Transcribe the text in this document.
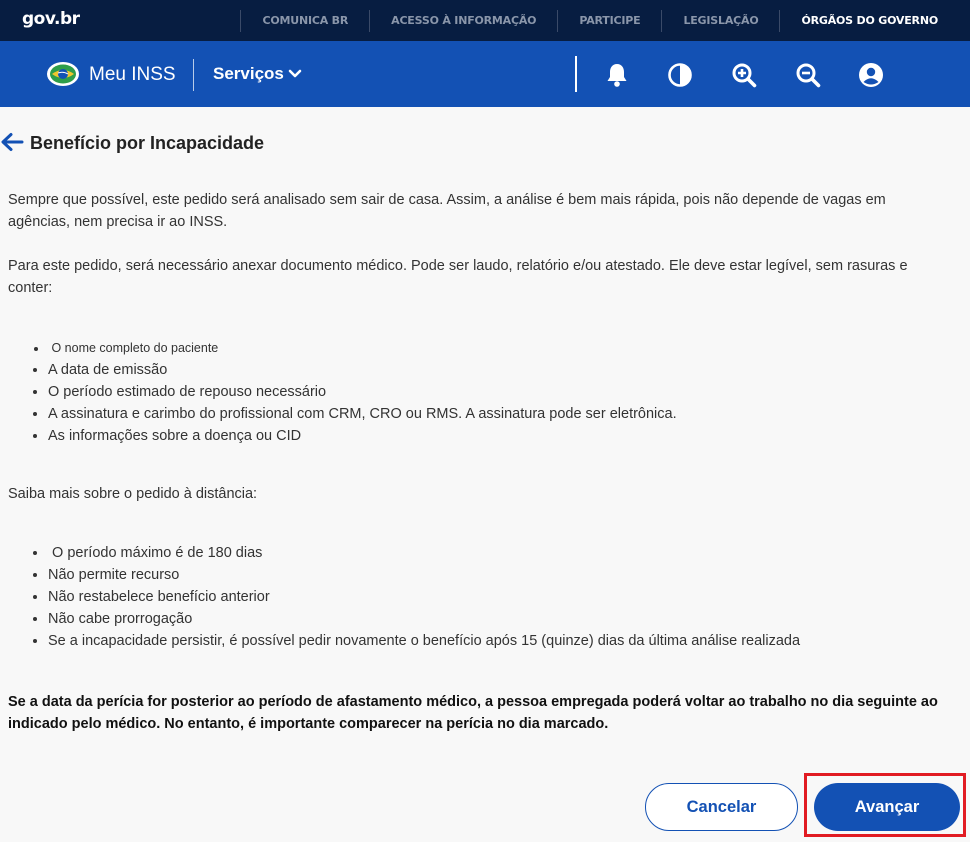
gov.br	COMUNICA BR	ACESSO À INFORMAÇÃO	PARTICIPE	LEGISLAÇÃO	ÓRGÃOS DO GOVERNO
Meu INSS Serviços
Benefício por Incapacidade

Sempre que possível, este pedido será analisado sem sair de casa. Assim, a análise é bem mais rápida, pois não depende de vagas em agências, nem precisa ir ao INSS.

Para este pedido, será necessário anexar documento médico. Pode ser laudo, relatório e/ou atestado. Ele deve estar legível, sem rasuras e conter:

• O nome completo do paciente
• A data de emissão
• O período estimado de repouso necessário
• A assinatura e carimbo do profissional com CRM, CRO ou RMS. A assinatura pode ser eletrônica.
• As informações sobre a doença ou CID

Saiba mais sobre o pedido à distância:

• O período máximo é de 180 dias
• Não permite recurso
• Não restabelece benefício anterior
• Não cabe prorrogação
• Se a incapacidade persistir, é possível pedir novamente o benefício após 15 (quinze) dias da última análise realizada

Se a data da perícia for posterior ao período de afastamento médico, a pessoa empregada poderá voltar ao trabalho no dia seguinte ao indicado pelo médico. No entanto, é importante comparecer na perícia no dia marcado.

Cancelar	Avançar
